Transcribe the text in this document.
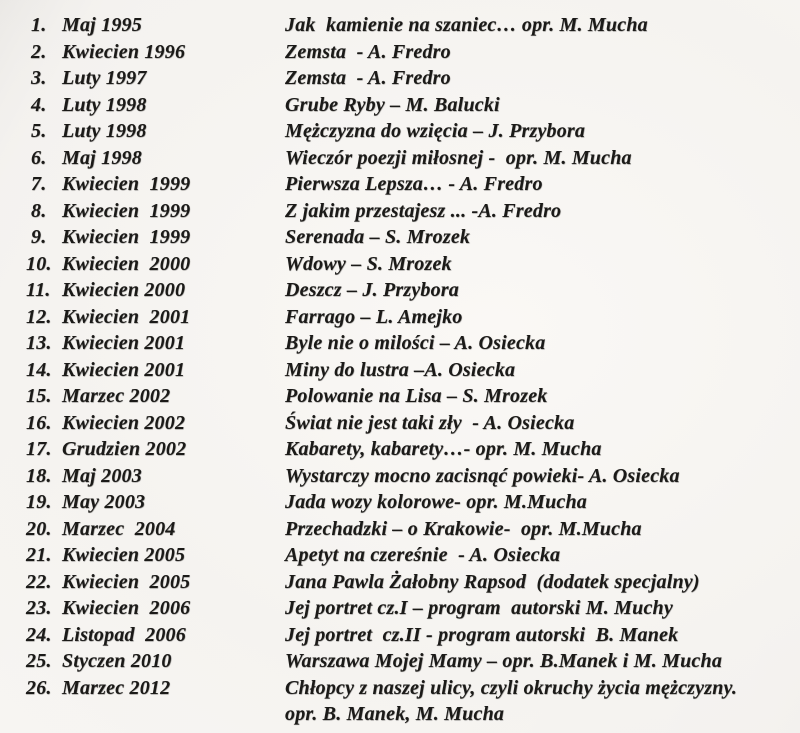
1. Maj 1995	Jak  kamienie na szaniec… opr. M. Mucha
2. Kwiecien 1996	Zemsta  - A. Fredro
3. Luty 1997	Zemsta  - A. Fredro
4. Luty 1998	Grube Ryby – M. Balucki
5. Luty 1998	Mężczyzna do wzięcia – J. Przybora
6. Maj 1998	Wieczór poezji miłosnej -  opr. M. Mucha
7. Kwiecien  1999	Pierwsza Lepsza… - A. Fredro
8. Kwiecien  1999	Z jakim przestajesz ... -A. Fredro
9. Kwiecien  1999	Serenada – S. Mrozek
10. Kwiecien  2000	Wdowy – S. Mrozek
11. Kwiecien 2000	Deszcz – J. Przybora
12. Kwiecien  2001	Farrago – L. Amejko
13. Kwiecien 2001	Byle nie o milości – A. Osiecka
14. Kwiecien 2001	Miny do lustra –A. Osiecka
15. Marzec 2002	Polowanie na Lisa – S. Mrozek
16. Kwiecien 2002	Świat nie jest taki zły  - A. Osiecka
17. Grudzien 2002	Kabarety, kabarety…- opr. M. Mucha
18. Maj 2003	Wystarczy mocno zacisnąć powieki- A. Osiecka
19. May 2003	Jada wozy kolorowe- opr. M.Mucha
20. Marzec  2004	Przechadzki – o Krakowie-  opr. M.Mucha
21. Kwiecien 2005	Apetyt na czereśnie  - A. Osiecka
22. Kwiecien  2005	Jana Pawla Żałobny Rapsod  (dodatek specjalny)
23. Kwiecien  2006	Jej portret cz.I – program  autorski M. Muchy
24. Listopad  2006	Jej portret  cz.II - program autorski  B. Manek
25. Styczen 2010	Warszawa Mojej Mamy – opr. B.Manek i M. Mucha
26. Marzec 2012	Chłopcy z naszej ulicy, czyli okruchy życia mężczyzny.
opr. B. Manek, M. Mucha
